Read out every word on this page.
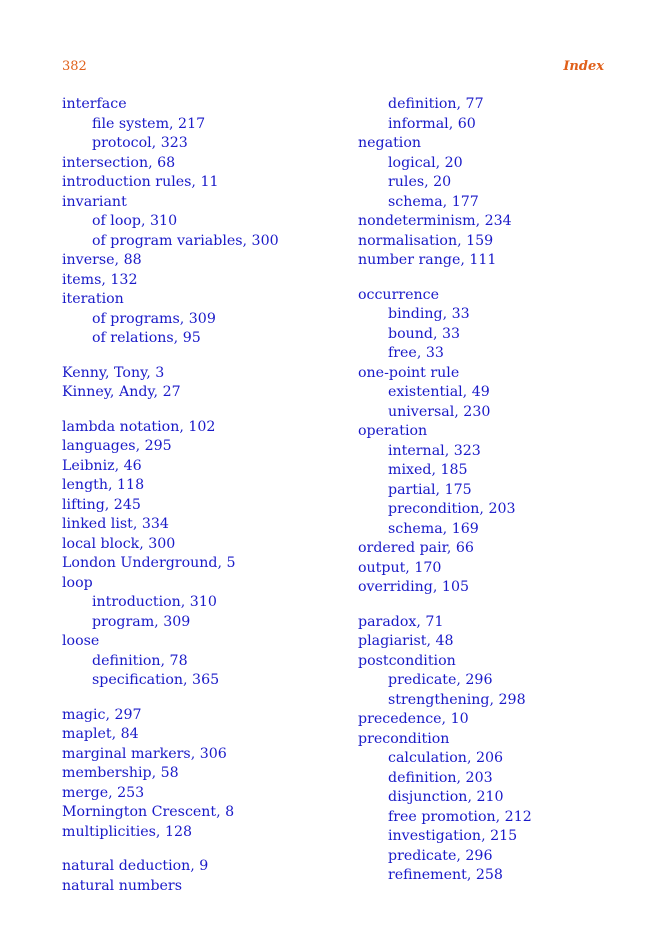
382	Index
interface
file system, 217
protocol, 323
intersection, 68
introduction rules, 11
invariant
of loop, 310
of program variables, 300
inverse, 88
items, 132
iteration
of programs, 309
of relations, 95
Kenny, Tony, 3
Kinney, Andy, 27
lambda notation, 102
languages, 295
Leibniz, 46
length, 118
lifting, 245
linked list, 334
local block, 300
London Underground, 5
loop
introduction, 310
program, 309
loose
definition, 78
specification, 365
magic, 297
maplet, 84
marginal markers, 306
membership, 58
merge, 253
Mornington Crescent, 8
multiplicities, 128
natural deduction, 9
natural numbers
definition, 77
informal, 60
negation
logical, 20
rules, 20
schema, 177
nondeterminism, 234
normalisation, 159
number range, 111
occurrence
binding, 33
bound, 33
free, 33
one-point rule
existential, 49
universal, 230
operation
internal, 323
mixed, 185
partial, 175
precondition, 203
schema, 169
ordered pair, 66
output, 170
overriding, 105
paradox, 71
plagiarist, 48
postcondition
predicate, 296
strengthening, 298
precedence, 10
precondition
calculation, 206
definition, 203
disjunction, 210
free promotion, 212
investigation, 215
predicate, 296
refinement, 258
